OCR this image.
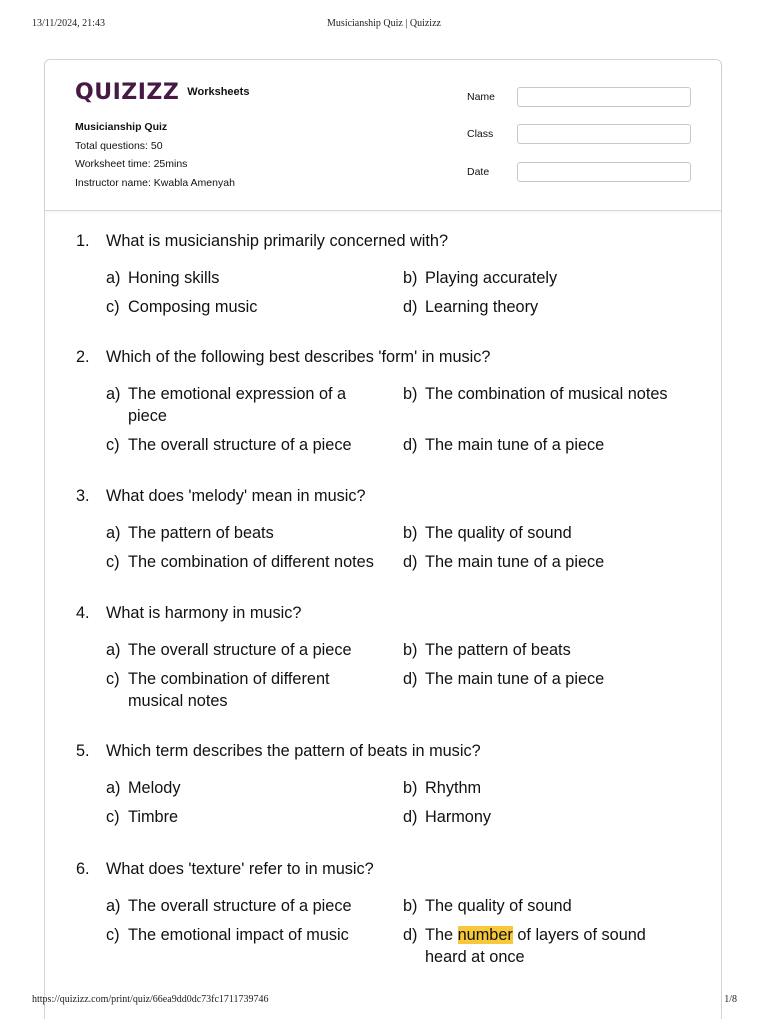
13/11/2024, 21:43	Musicianship Quiz | Quizizz
QUIZIZZ Worksheets
Musicianship Quiz
Total questions: 50
Worksheet time: 25mins
Instructor name: Kwabla Amenyah
Name
Class
Date
1. What is musicianship primarily concerned with?
a) Honing skills	b) Playing accurately
c) Composing music	d) Learning theory
2. Which of the following best describes 'form' in music?
a) The emotional expression of a piece
b) The combination of musical notes
c) The overall structure of a piece	d) The main tune of a piece
3. What does 'melody' mean in music?
a) The pattern of beats	b) The quality of sound
c) The combination of different notes	d) The main tune of a piece
4. What is harmony in music?
a) The overall structure of a piece	b) The pattern of beats
c) The combination of different musical notes
d) The main tune of a piece
5. Which term describes the pattern of beats in music?
a) Melody	b) Rhythm
c) Timbre	d) Harmony
6. What does 'texture' refer to in music?
a) The overall structure of a piece	b) The quality of sound
c) The emotional impact of music	d) The number of layers of sound heard at once
https://quizizz.com/print/quiz/66ea9dd0dc73fc1711739746	1/8
